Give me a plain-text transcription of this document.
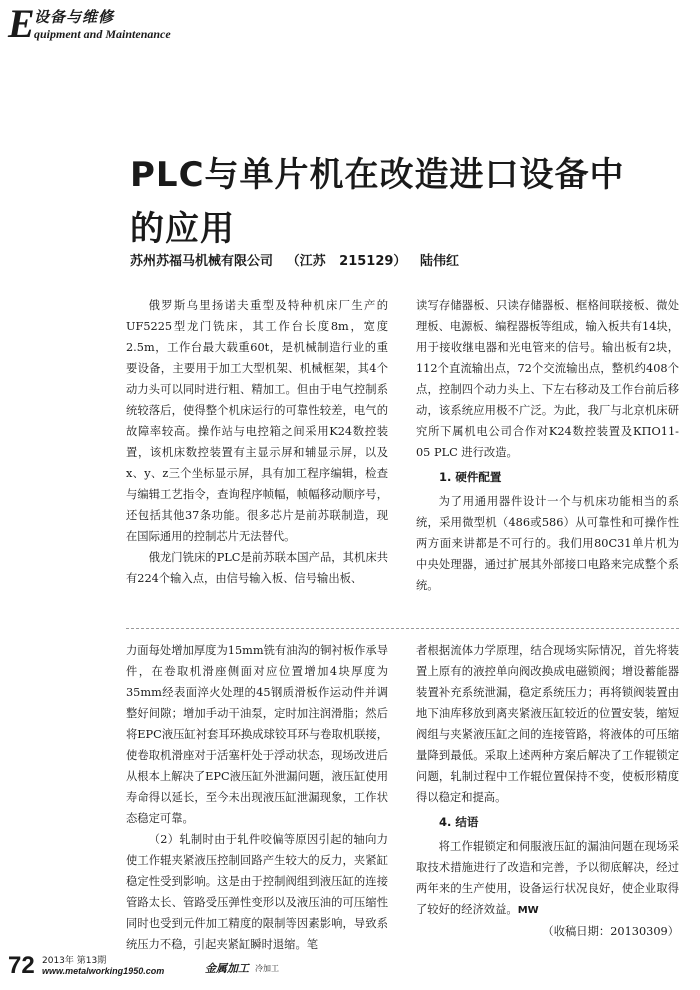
E 设备与维修
quipment and Maintenance
PLC与单片机在改造进口设备中的应用
苏州苏福马机械有限公司   （江苏   215129）   陆伟红

俄罗斯乌里扬诺夫重型及特种机床厂生产的UF5225型龙门铣床，其工作台长度8m，宽度2.5m，工作台最大载重60t，是机械制造行业的重要设备，主要用于加工大型机架、机械框架，其4个动力头可以同时进行粗、精加工。但由于电气控制系统较落后，使得整个机床运行的可靠性较差，电气的故障率较高。操作站与电控箱之间采用K24数控装置，该机床数控装置有主显示屏和辅显示屏，以及x、y、z三个坐标显示屏，具有加工程序编辑，检查与编辑工艺指令，查询程序帧幅，帧幅移动顺序号，还包括其他37条功能。很多芯片是前苏联制造，现在国际通用的控制芯片无法替代。

俄龙门铣床的PLC是前苏联本国产品，其机床共有224个输入点，由信号输入板、信号输出板、

读写存储器板、只读存储器板、框格间联接板、微处理板、电源板、编程器板等组成，输入板共有14块，用于接收继电器和光电管来的信号。输出板有2块，112个直流输出点，72个交流输出点，整机约408个点，控制四个动力头上、下左右移动及工作台前后移动，该系统应用极不广泛。为此，我厂与北京机床研究所下属机电公司合作对K24数控装置及КПО11-05 PLC 进行改造。

1. 硬件配置

为了用通用器件设计一个与机床功能相当的系统，采用微型机（486或586）从可靠性和可操作性两方面来讲都是不可行的。我们用80C31单片机为中央处理器，通过扩展其外部接口电路来完成整个系统。

力面每处增加厚度为15mm铣有油沟的铜衬板作承导件，在卷取机滑座侧面对应位置增加4块厚度为35mm经表面淬火处理的45钢质滑板作运动件并调整好间隙；增加手动干油泵，定时加注润滑脂；然后将EPC液压缸衬套耳环换成球铰耳环与卷取机联接，使卷取机滑座对于活塞杆处于浮动状态，现场改进后从根本上解决了EPC液压缸外泄漏问题，液压缸使用寿命得以延长，至今未出现液压缸泄漏现象，工作状态稳定可靠。

（2）轧制时由于轧件咬偏等原因引起的轴向力使工作辊夹紧液压控制回路产生较大的反力，夹紧缸稳定性受到影响。这是由于控制阀组到液压缸的连接管路太长、管路受压弹性变形以及液压油的可压缩性同时也受到元件加工精度的限制等因素影响，导致系统压力不稳，引起夹紧缸瞬时退缩。笔

者根据流体力学原理，结合现场实际情况，首先将装置上原有的液控单向阀改换成电磁锁阀；增设蓄能器装置补充系统泄漏，稳定系统压力；再将锁阀装置由地下油库移放到离夹紧液压缸较近的位置安装，缩短阀组与夹紧液压缸之间的连接管路，将液体的可压缩量降到最低。采取上述两种方案后解决了工作辊锁定问题，轧制过程中工作辊位置保持不变，使板形精度得以稳定和提高。

4. 结语

将工作辊锁定和伺服液压缸的漏油问题在现场采取技术措施进行了改造和完善，予以彻底解决，经过两年来的生产使用，设备运行状况良好，使企业取得了较好的经济效益。MW

（收稿日期：20130309）
72 2013年 第13期
www.metalworking1950.com	金属加工 冷加工
